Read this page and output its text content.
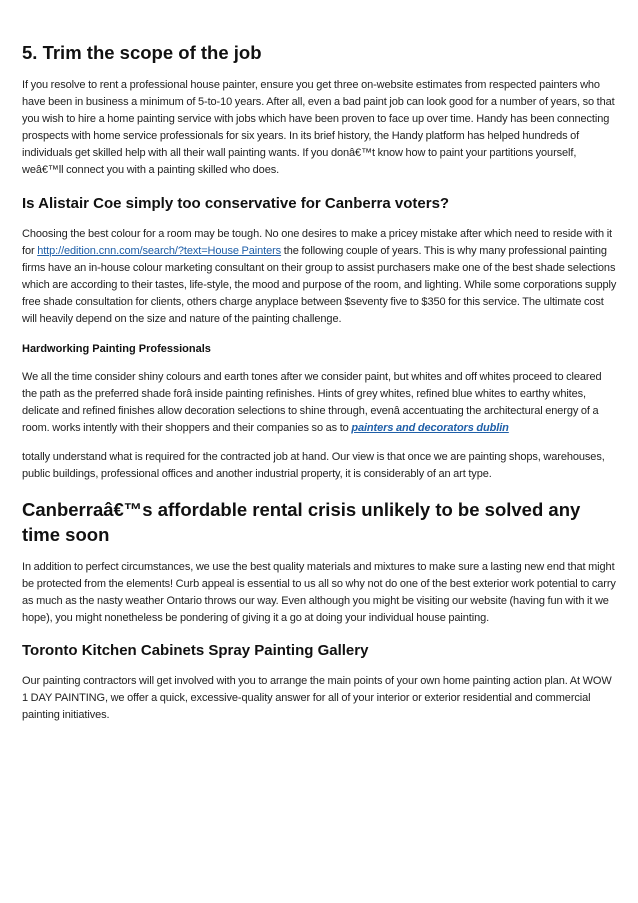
5. Trim the scope of the job

If you resolve to rent a professional house painter, ensure you get three on-website estimates from respected painters who have been in business a minimum of 5-to-10 years. After all, even a bad paint job can look good for a number of years, so that you wish to hire a home painting service with jobs which have been proven to face up over time. Handy has been connecting prospects with home service professionals for six years. In its brief history, the Handy platform has helped hundreds of individuals get skilled help with all their wall painting wants. If you donâ€™t know how to paint your partitions yourself, weâ€™ll connect you with a painting skilled who does.

Is Alistair Coe simply too conservative for Canberra voters?

Choosing the best colour for a room may be tough. No one desires to make a pricey mistake after which need to reside with it for http://edition.cnn.com/search/?text=House Painters the following couple of years. This is why many professional painting firms have an in-house colour marketing consultant on their group to assist purchasers make one of the best shade selections which are according to their tastes, life-style, the mood and purpose of the room, and lighting. While some corporations supply free shade consultation for clients, others charge anyplace between $seventy five to $350 for this service. The ultimate cost will heavily depend on the size and nature of the painting challenge.

Hardworking Painting Professionals

We all the time consider shiny colours and earth tones after we consider paint, but whites and off whites proceed to cleared the path as the preferred shade forâ inside painting refinishes. Hints of grey whites, refined blue whites to earthy whites, delicate and refined finishes allow decoration selections to shine through, evenâ accentuating the architectural energy of a room. works intently with their shoppers and their companies so as to painters and decorators dublin

totally understand what is required for the contracted job at hand. Our view is that once we are painting shops, warehouses, public buildings, professional offices and another industrial property, it is considerably of an art type.

Canberraâ€™s affordable rental crisis unlikely to be solved any time soon

In addition to perfect circumstances, we use the best quality materials and mixtures to make sure a lasting new end that might be protected from the elements! Curb appeal is essential to us all so why not do one of the best exterior work potential to carry as much as the nasty weather Ontario throws our way. Even although you might be visiting our website (having fun with it we hope), you might nonetheless be pondering of giving it a go at doing your individual house painting.

Toronto Kitchen Cabinets Spray Painting Gallery

Our painting contractors will get involved with you to arrange the main points of your own home painting action plan. At WOW 1 DAY PAINTING, we offer a quick, excessive-quality answer for all of your interior or exterior residential and commercial painting initiatives.
